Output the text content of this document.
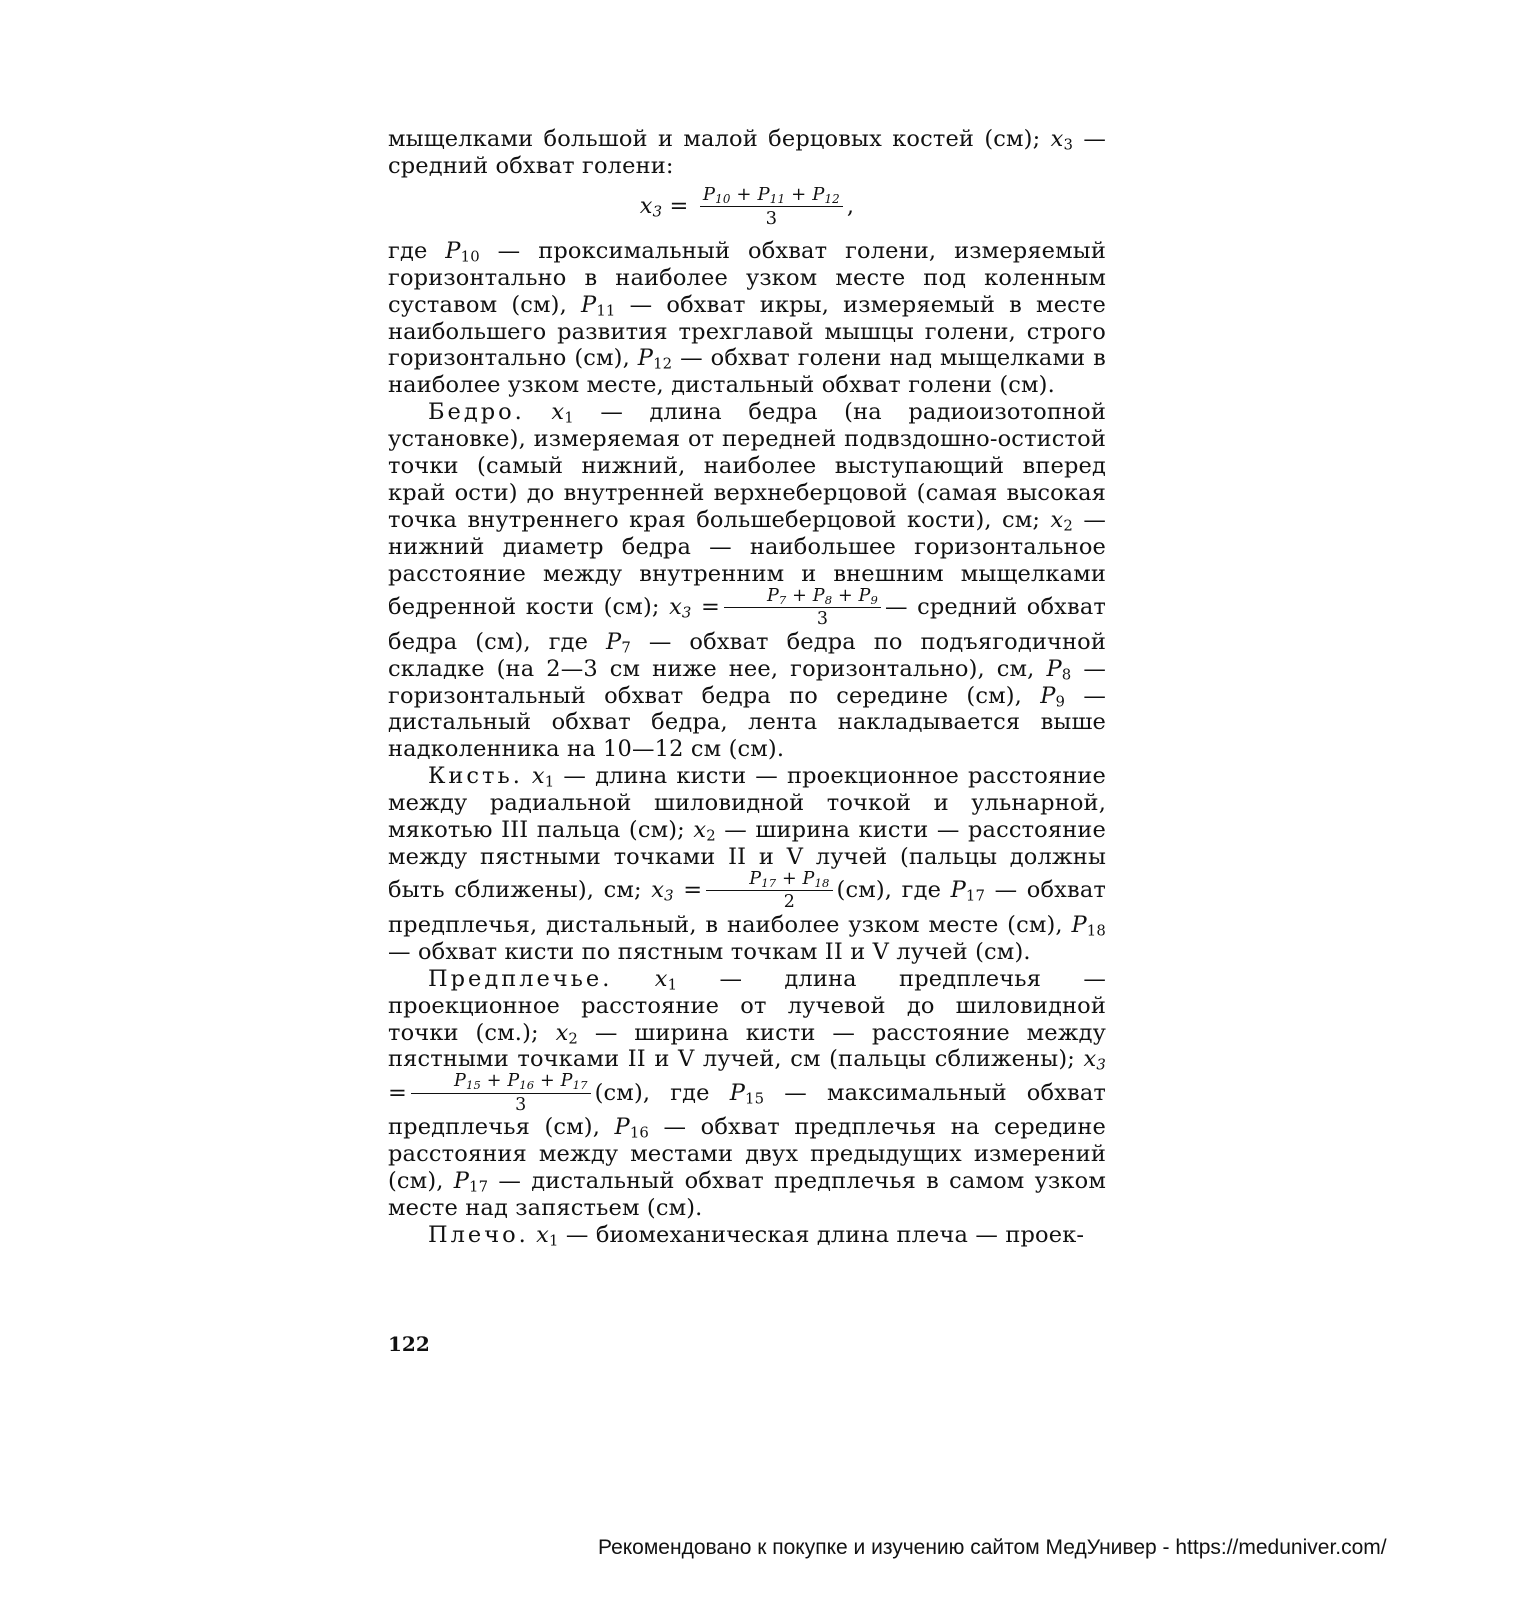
мыщелками большой и малой берцовых костей (см); $x_3$ — средний обхват голени:

$x_3 = \frac{P_{10} + P_{11} + P_{12}}{3}$ ,

где $P_{10}$ — проксимальный обхват голени, измеряемый горизонтально в наиболее узком месте под коленным суставом (см), $P_{11}$ — обхват икры, измеряемый в месте наибольшего развития трехглавой мышцы голени, строго горизонтально (см), $P_{12}$ — обхват голени над мыщелками в наиболее узком месте, дистальный обхват голени (см).

Бедро. $x_1$ — длина бедра (на радиоизотопной установке), измеряемая от передней подвздошно-остистой точки (самый нижний, наиболее выступающий вперед край ости) до внутренней верхнеберцовой (самая высокая точка внутреннего края большеберцовой кости), см; $x_2$ — нижний диаметр бедра — наибольшее горизонтальное расстояние между внутренним и внешним мыщелками бедренной кости (см); $x_3 = \frac{P_7 + P_8 + P_9}{3}$ — средний обхват бедра (см), где $P_7$ — обхват бедра по подъягодичной складке (на 2—3 см ниже нее, горизонтально), см, $P_8$ — горизонтальный обхват бедра по середине (см), $P_9$ — дистальный обхват бедра, лента накладывается выше надколенника на 10—12 см (см).

Кисть. $x_1$ — длина кисти — проекционное расстояние между радиальной шиловидной точкой и ульнарной, мякотью III пальца (см); $x_2$ — ширина кисти — расстояние между пястными точками II и V лучей (пальцы должны быть сближены), см; $x_3 = \frac{P_{17} + P_{18}}{2} (см)$, где $P_{17}$ — обхват предплечья, дистальный, в наиболее узком месте (см), $P_{18}$ — обхват кисти по пястным точкам II и V лучей (см).

Предплечье. $x_1$ — длина предплечья — проекционное расстояние от лучевой до шиловидной точки (см.); $x_2$ — ширина кисти — расстояние между пястными точками II и V лучей, см (пальцы сближены); $x_3 = \frac{P_{15} + P_{16} + P_{17}}{3} (см)$, где $P_{15}$ — максимальный обхват предплечья (см), $P_{16}$ — обхват предплечья на середине расстояния между местами двух предыдущих измерений (см), $P_{17}$ — дистальный обхват предплечья в самом узком месте над запястьем (см).

Плечо. $x_1$ — биомеханическая длина плеча — проек-

122
Рекомендовано к покупке и изучению сайтом МедУнивер - https://meduniver.com/
